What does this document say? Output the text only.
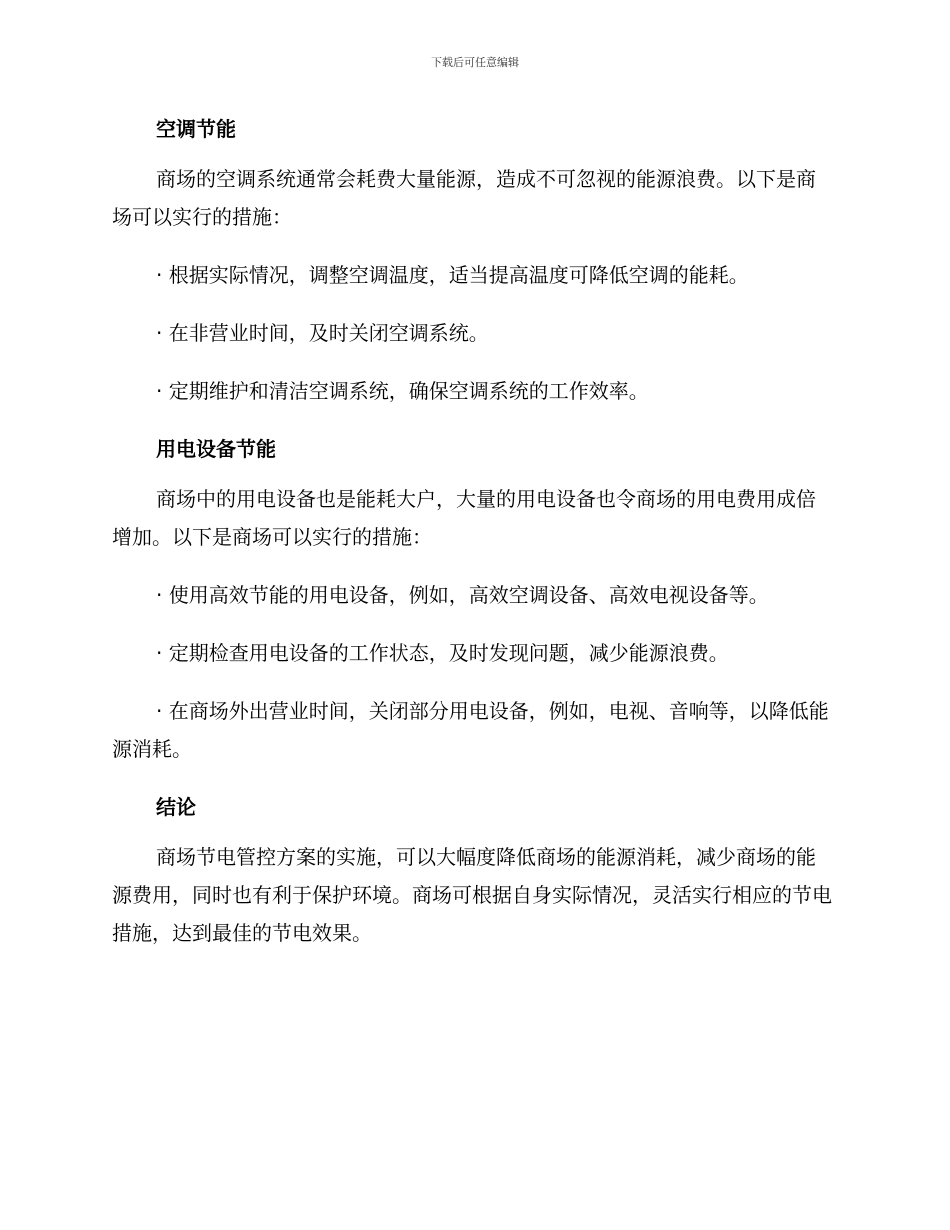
下载后可任意编辑
空调节能

商场的空调系统通常会耗费大量能源，造成不可忽视的能源浪费。以下是商场可以实行的措施：

· 根据实际情况，调整空调温度，适当提高温度可降低空调的能耗。

· 在非营业时间，及时关闭空调系统。

· 定期维护和清洁空调系统，确保空调系统的工作效率。

用电设备节能

商场中的用电设备也是能耗大户，大量的用电设备也令商场的用电费用成倍增加。以下是商场可以实行的措施：

· 使用高效节能的用电设备，例如，高效空调设备、高效电视设备等。

· 定期检查用电设备的工作状态，及时发现问题，减少能源浪费。

· 在商场外出营业时间，关闭部分用电设备，例如，电视、音响等，以降低能源消耗。

结论

商场节电管控方案的实施，可以大幅度降低商场的能源消耗，减少商场的能源费用，同时也有利于保护环境。商场可根据自身实际情况，灵活实行相应的节电措施，达到最佳的节电效果。
